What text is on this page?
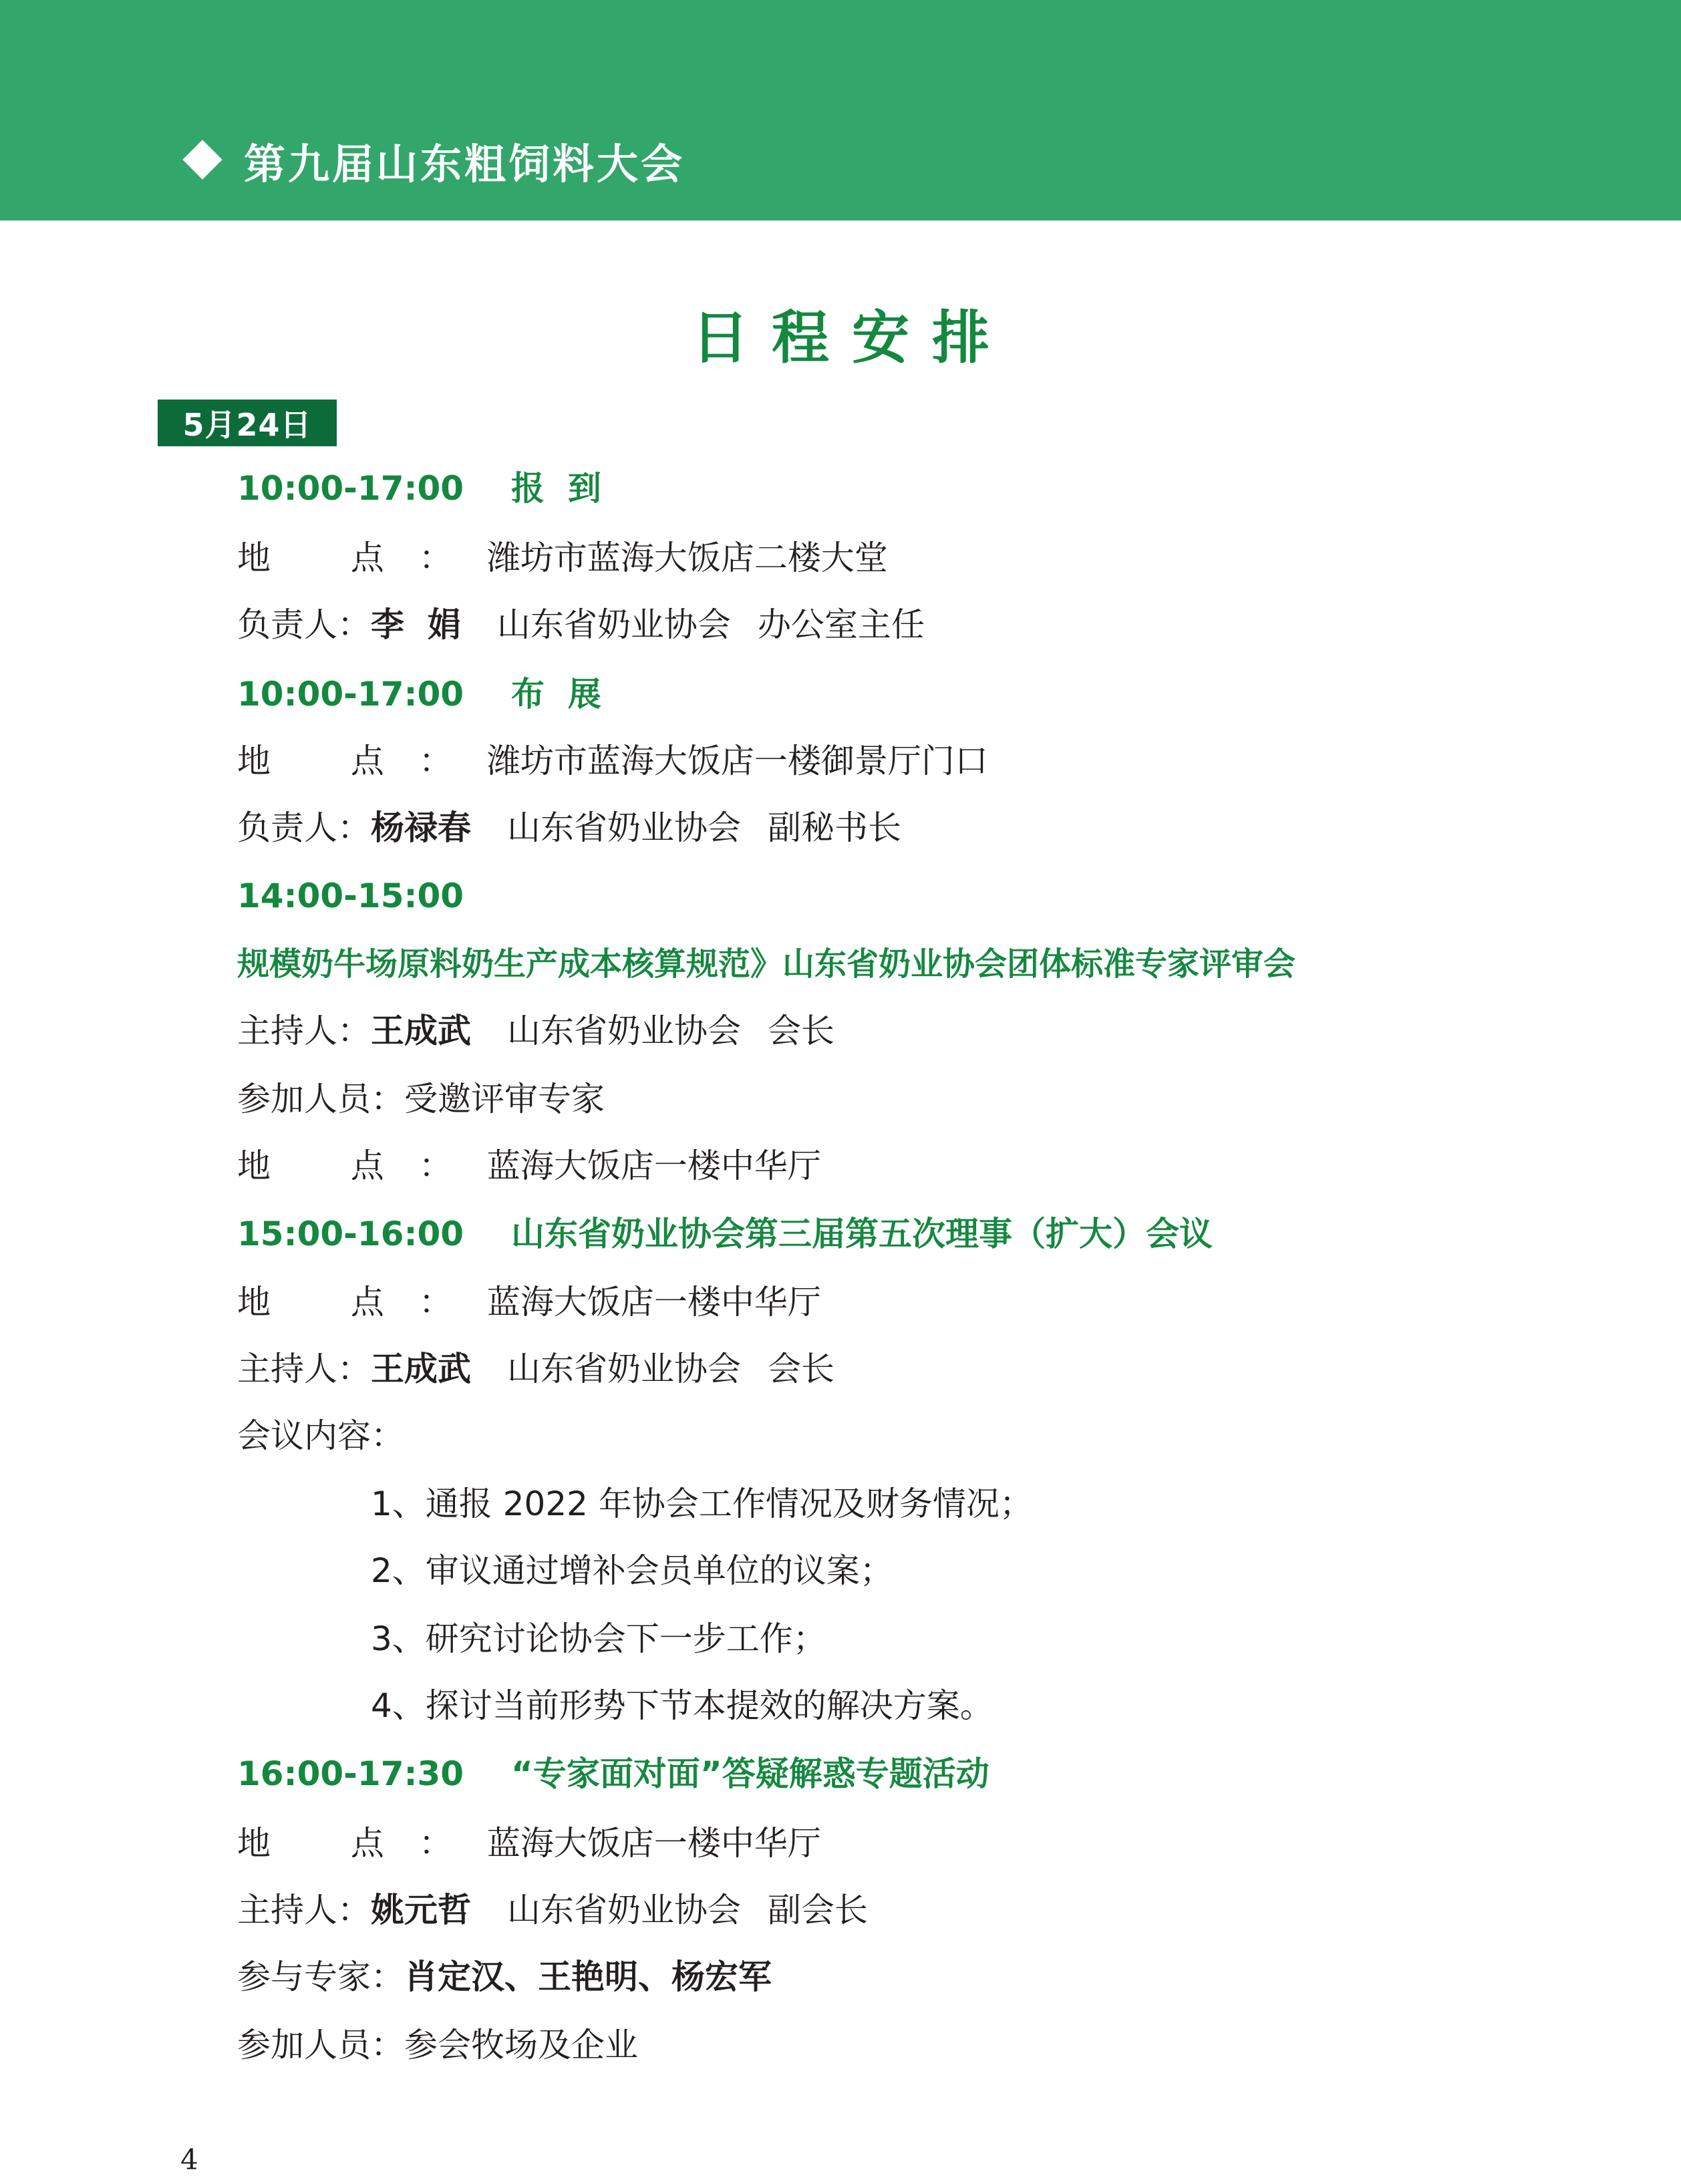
第九届山东粗饲料大会
日程安排
5月24日
10:00-17:00 报  到
地 点：潍坊市蓝海大饭店二楼大堂
负责人：李  娟 山东省奶业协会 办公室主任
10:00-17:00 布  展
地 点：潍坊市蓝海大饭店一楼御景厅门口
负责人：杨禄春 山东省奶业协会 副秘书长
14:00-15:00
规模奶牛场原料奶生产成本核算规范》山东省奶业协会团体标准专家评审会
主持人：王成武 山东省奶业协会 会长
参加人员：受邀评审专家
地 点：蓝海大饭店一楼中华厅
15:00-16:00 山东省奶业协会第三届第五次理事（扩大）会议
地 点：蓝海大饭店一楼中华厅
主持人：王成武 山东省奶业协会 会长
会议内容：
1、通报 2022 年协会工作情况及财务情况；
2、审议通过增补会员单位的议案；
3、研究讨论协会下一步工作；
4、探讨当前形势下节本提效的解决方案。
16:00-17:30 “专家面对面”答疑解惑专题活动
地 点：蓝海大饭店一楼中华厅
主持人：姚元哲 山东省奶业协会 副会长
参与专家：肖定汉、王艳明、杨宏军
参加人员：参会牧场及企业
4
